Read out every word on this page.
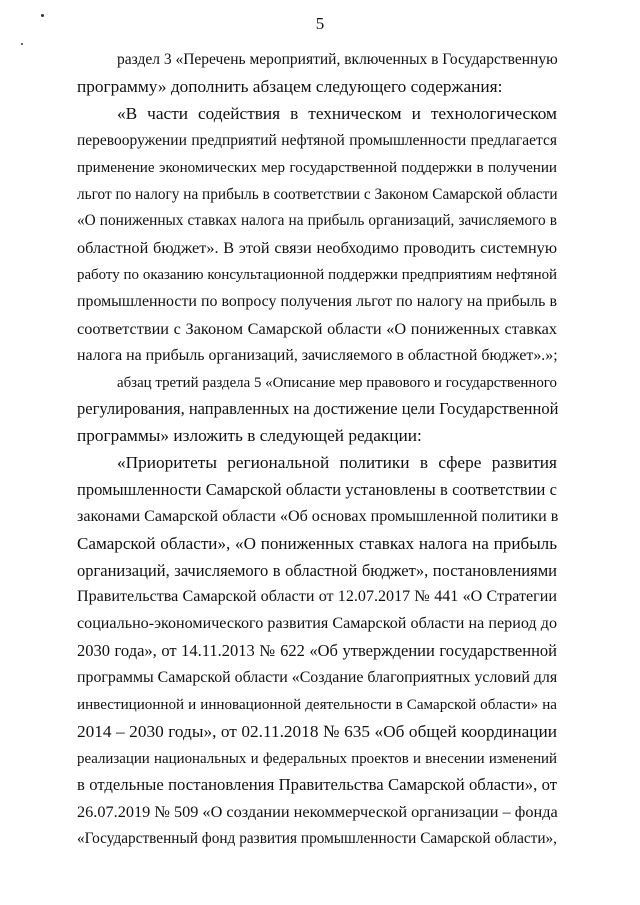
5
раздел 3 «Перечень мероприятий, включенных в Государственную
программу» дополнить абзацем следующего содержания:
«В части содействия в техническом и технологическом
перевооружении предприятий нефтяной промышленности предлагается
применение экономических мер государственной поддержки в получении
льгот по налогу на прибыль в соответствии с Законом Самарской области
«О пониженных ставках налога на прибыль организаций, зачисляемого в
областной бюджет». В этой связи необходимо проводить системную
работу по оказанию консультационной поддержки предприятиям нефтяной
промышленности по вопросу получения льгот по налогу на прибыль в
соответствии с Законом Самарской области «О пониженных ставках
налога на прибыль организаций, зачисляемого в областной бюджет».»;
абзац третий раздела 5 «Описание мер правового и государственного
регулирования, направленных на достижение цели Государственной
программы» изложить в следующей редакции:
«Приоритеты региональной политики в сфере развития
промышленности Самарской области установлены в соответствии с
законами Самарской области «Об основах промышленной политики в
Самарской области», «О пониженных ставках налога на прибыль
организаций, зачисляемого в областной бюджет», постановлениями
Правительства Самарской области от 12.07.2017 № 441 «О Стратегии
социально-экономического развития Самарской области на период до
2030 года», от 14.11.2013 № 622 «Об утверждении государственной
программы Самарской области «Создание благоприятных условий для
инвестиционной и инновационной деятельности в Самарской области» на
2014 – 2030 годы», от 02.11.2018 № 635 «Об общей координации
реализации национальных и федеральных проектов и внесении изменений
в отдельные постановления Правительства Самарской области», от
26.07.2019 № 509 «О создании некоммерческой организации – фонда
«Государственный фонд развития промышленности Самарской области»,
